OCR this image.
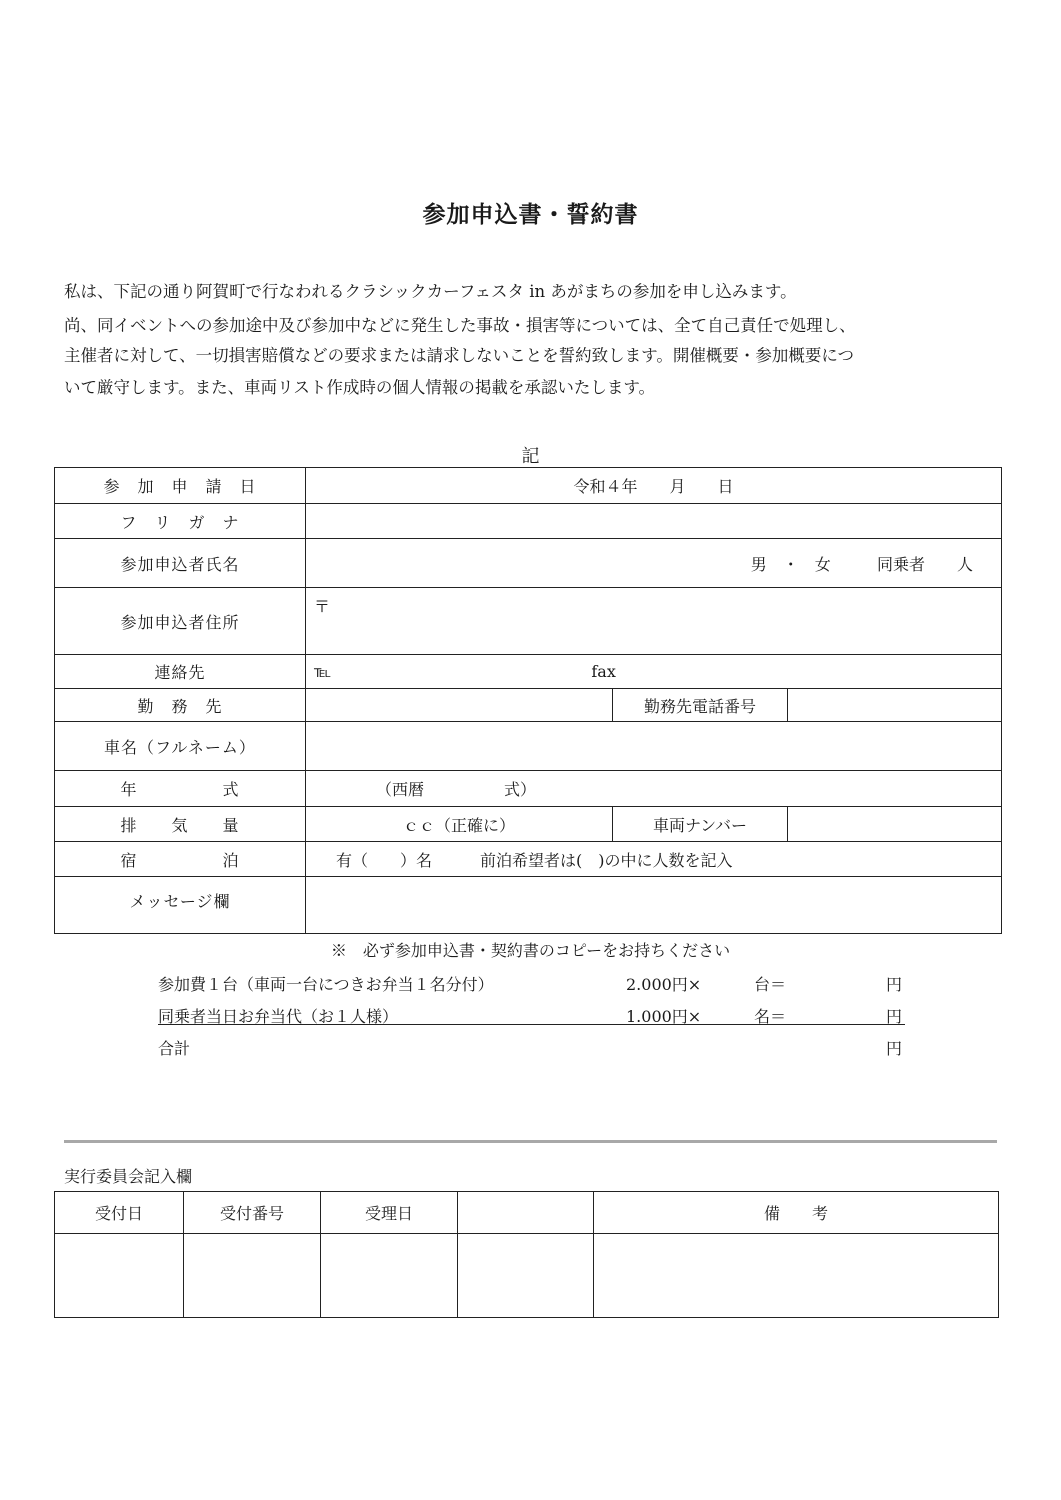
参加申込書・誓約書
私は、下記の通り阿賀町で行なわれるクラシックカーフェスタ in あがまちの参加を申し込みます。
尚、同イベントへの参加途中及び参加中などに発生した事故・損害等については、全て自己責任で処理し、
主催者に対して、一切損害賠償などの要求または請求しないことを誓約致します。開催概要・参加概要につ
いて厳守します。また、車両リスト作成時の個人情報の掲載を承認いたします。
記
参　加　申　請　日	令和４年　　月　　日		
フ　リ　ガ　ナ			
参加申込者氏名	男　・　女 同乗者　　人		

参加申込者住所	〒		
連絡先	℡ fax		
勤　務　先		勤務先電話番号	
車名（フルネーム）			
年　　　　　式	（西暦　　　　　式）		
排　　気　　量	ｃｃ（正確に）	車両ナンバー	
宿　　　　　泊	有（　　）名　　　前泊希望者は(　)の中に人数を記入		
メッセージ欄			
※　必ず参加申込書・契約書のコピーをお持ちください
参加費１台（車両一台につきお弁当１名分付）	2.000円×	台＝	円
同乗者当日お弁当代（お１人様）	1.000円×	名＝	円
合計	円
実行委員会記入欄
受付日	受付番号	受理日		備　　考
